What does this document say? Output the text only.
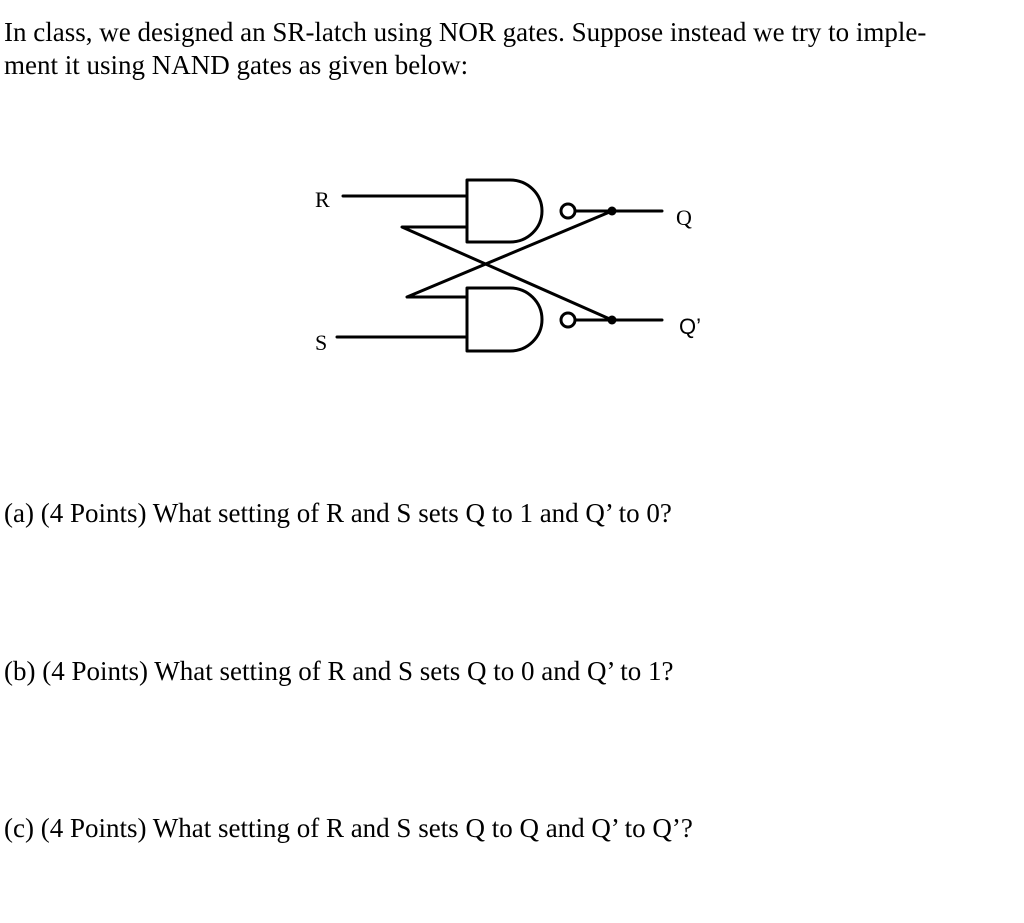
In class, we designed an SR-latch using NOR gates. Suppose instead we try to imple-
ment it using NAND gates as given below:

R
S
Q
Q’

(a) (4 Points) What setting of R and S sets Q to 1 and Q’ to 0?

(b) (4 Points) What setting of R and S sets Q to 0 and Q’ to 1?

(c) (4 Points) What setting of R and S sets Q to Q and Q’ to Q’?
